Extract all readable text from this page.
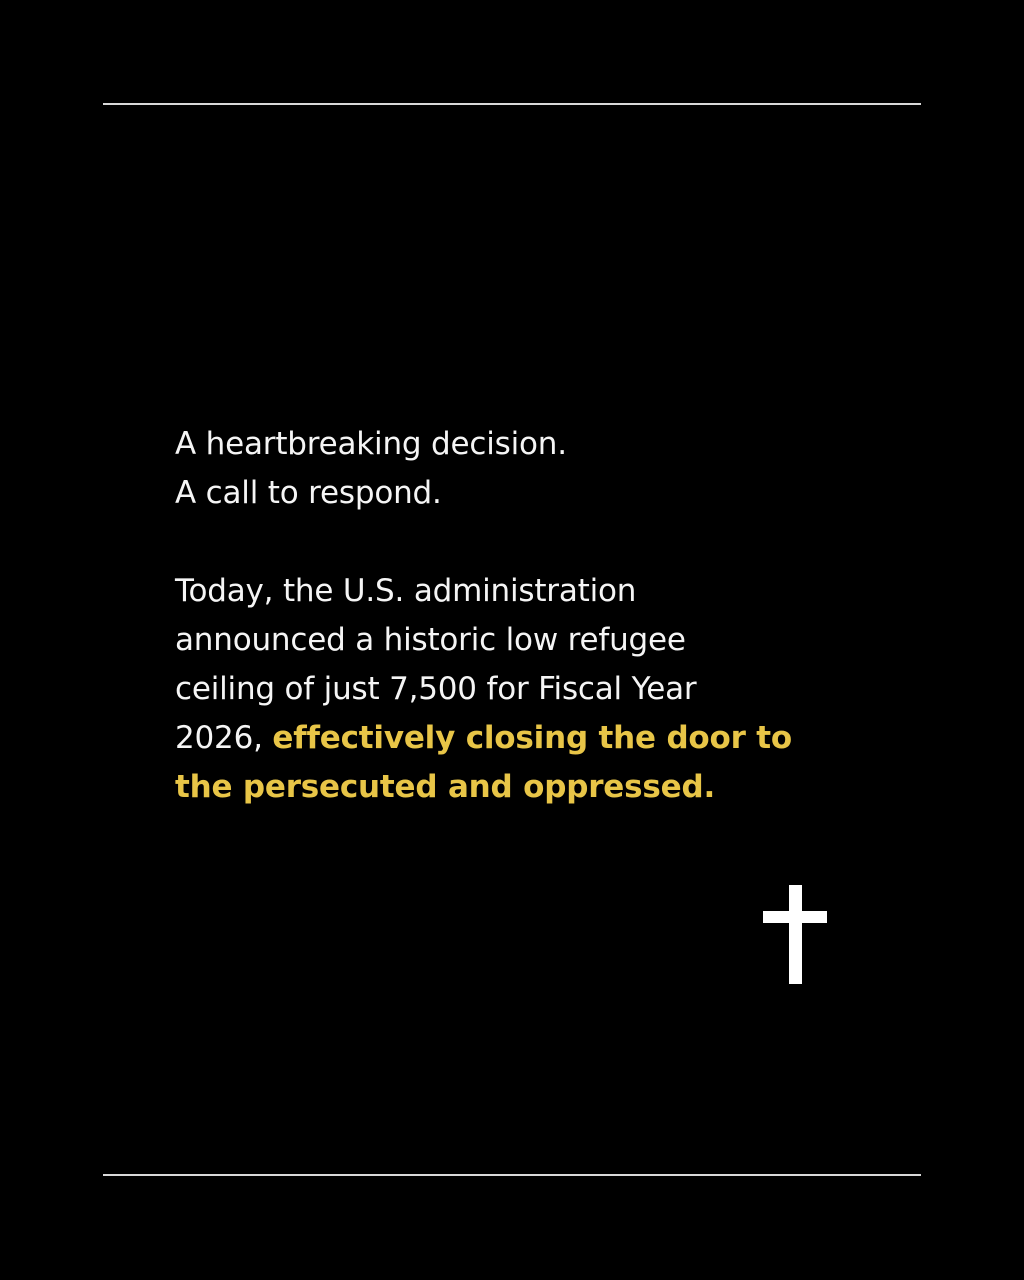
A heartbreaking decision.

A call to respond.

Today, the U.S. administration

announced a historic low refugee

ceiling of just 7,500 for Fiscal Year

2026, effectively closing the door to

the persecuted and oppressed.
